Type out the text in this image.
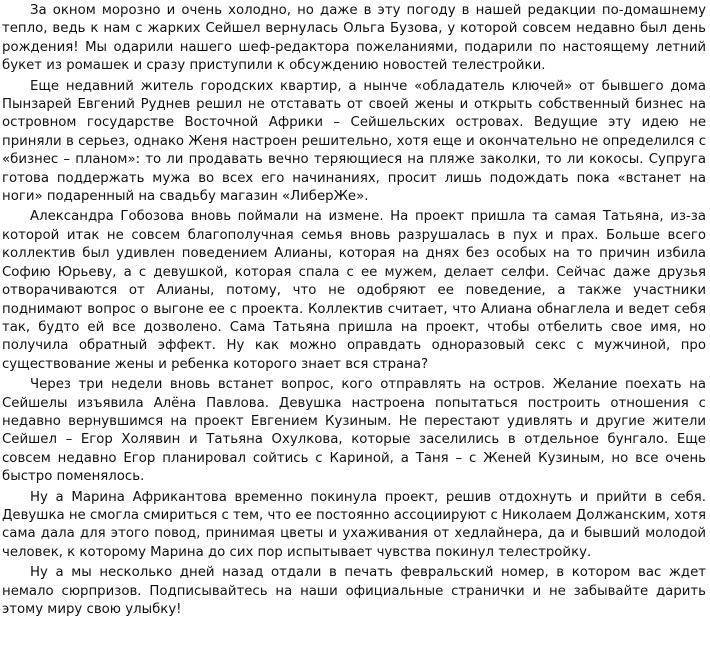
За окном морозно и очень холодно, но даже в эту погоду в нашей редакции по-домашнему тепло, ведь к нам с жарких Сейшел вернулась Ольга Бузова, у которой совсем недавно был день рождения! Мы одарили нашего шеф-редактора пожеланиями, подарили по настоящему летний букет из ромашек и сразу приступили к обсуждению новостей телестройки.

Еще недавний житель городских квартир, а нынче «обладатель ключей» от бывшего дома Пынзарей Евгений Руднев решил не отставать от своей жены и открыть собственный бизнес на островном государстве Восточной Африки – Сейшельских островах. Ведущие эту идею не приняли в серьез, однако Женя настроен решительно, хотя еще и окончательно не определился с «бизнес – планом»: то ли продавать вечно теряющиеся на пляже заколки, то ли кокосы. Супруга готова поддержать мужа во всех его начинаниях, просит лишь подождать пока «встанет на ноги» подаренный на свадьбу магазин «ЛиберЖе».

Александра Гобозова вновь поймали на измене. На проект пришла та самая Татьяна, из-за которой итак не совсем благополучная семья вновь разрушалась в пух и прах. Больше всего коллектив был удивлен поведением Алианы, которая на днях без особых на то причин избила Софию Юрьеву, а с девушкой, которая спала с ее мужем, делает селфи. Сейчас даже друзья отворачиваются от Алианы, потому, что не одобряют ее поведение, а также участники поднимают вопрос о выгоне ее с проекта. Коллектив считает, что Алиана обнаглела и ведет себя так, будто ей все дозволено. Сама Татьяна пришла на проект, чтобы отбелить свое имя, но получила обратный эффект. Ну как можно оправдать одноразовый секс с мужчиной, про существование жены и ребенка которого знает вся страна?

Через три недели вновь встанет вопрос, кого отправлять на остров. Желание поехать на Сейшелы изъявила Алёна Павлова. Девушка настроена попытаться построить отношения с недавно вернувшимся на проект Евгением Кузиным. Не перестают удивлять и другие жители Сейшел – Егор Холявин и Татьяна Охулкова, которые заселились в отдельное бунгало. Еще совсем недавно Егор планировал сойтись с Кариной, а Таня – с Женей Кузиным, но все очень быстро поменялось.

Ну а Марина Африкантова временно покинула проект, решив отдохнуть и прийти в себя. Девушка не смогла смириться с тем, что ее постоянно ассоциируют с Николаем Должанским, хотя сама дала для этого повод, принимая цветы и ухаживания от хедлайнера, да и бывший молодой человек, к которому Марина до сих пор испытывает чувства покинул телестройку.

Ну а мы несколько дней назад отдали в печать февральский номер, в котором вас ждет немало сюрпризов. Подписывайтесь на наши официальные странички и не забывайте дарить этому миру свою улыбку!
